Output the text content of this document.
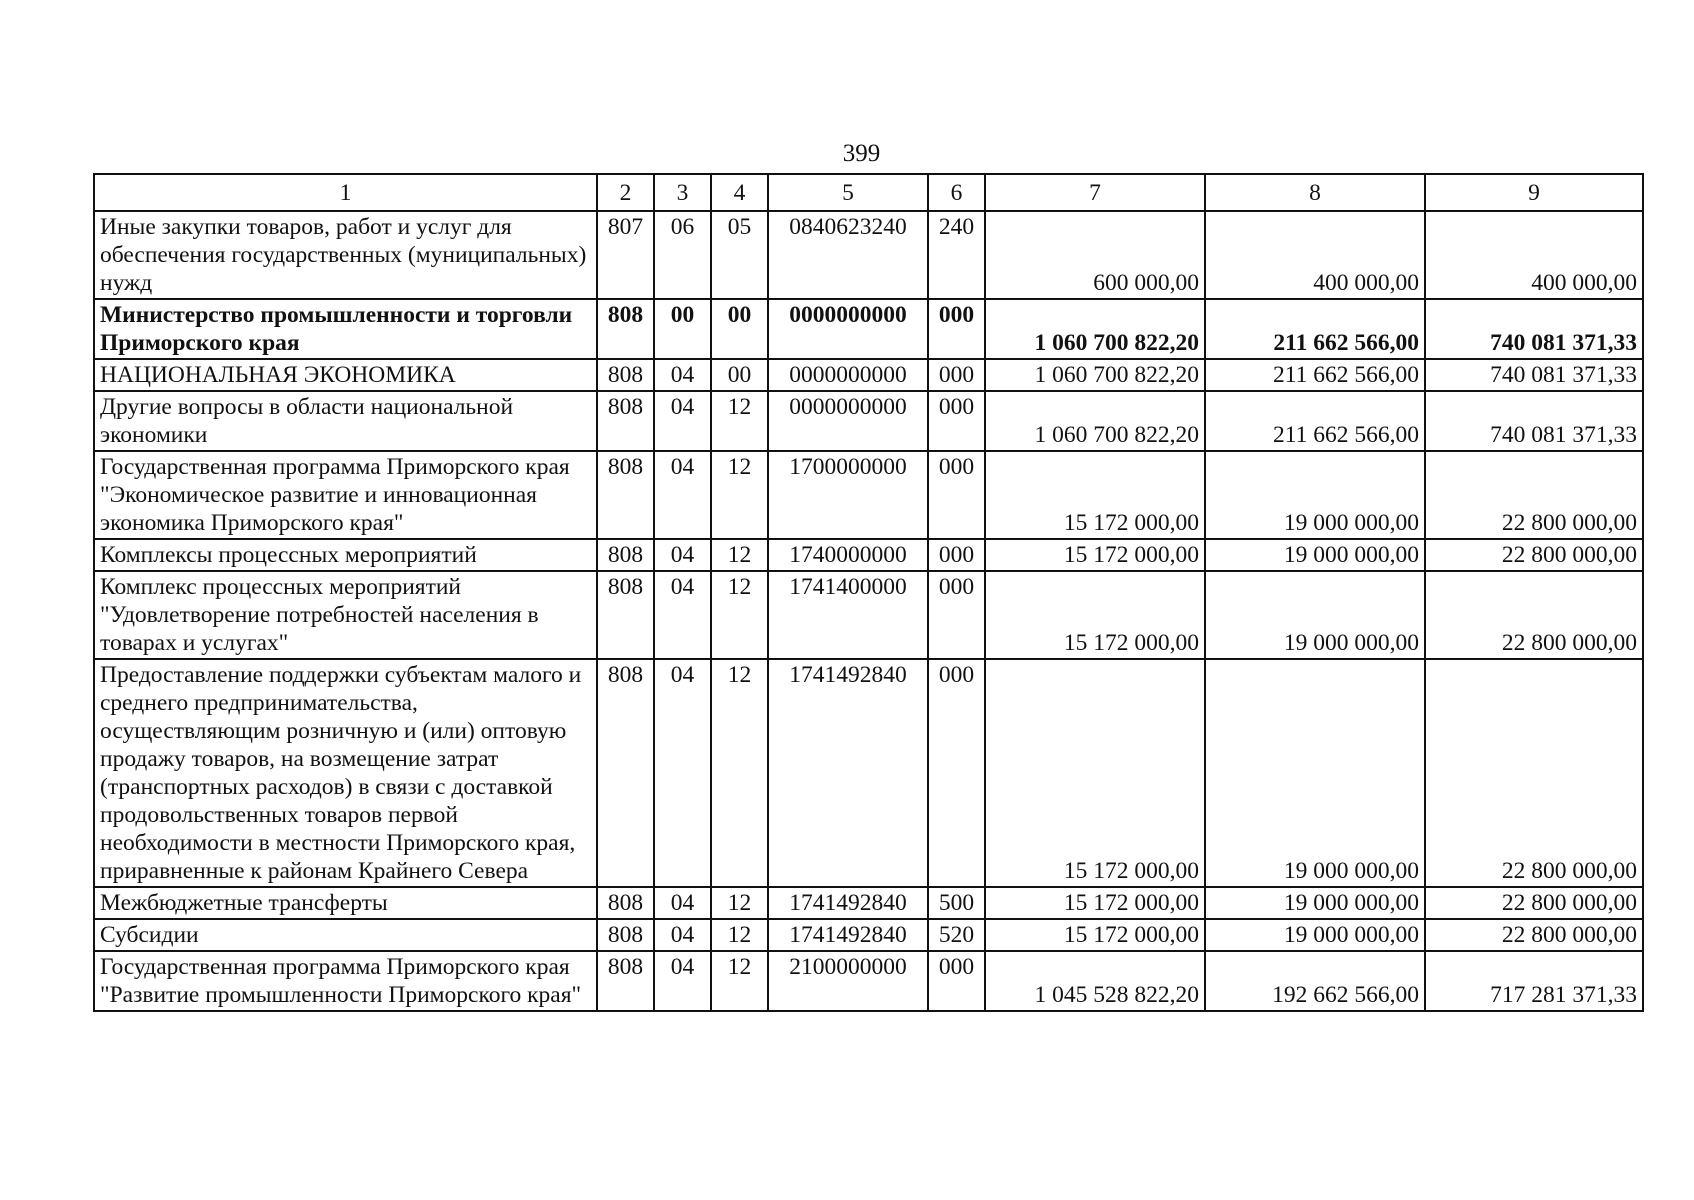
399
1	2	3	4	5	6	7	8	9
Иные закупки товаров, работ и услуг для обеспечения государственных (муниципальных) нужд	807	06	05	0840623240	240	600 000,00	400 000,00	400 000,00
Министерство промышленности и торговли Приморского края	808	00	00	0000000000	000	1 060 700 822,20	211 662 566,00	740 081 371,33
НАЦИОНАЛЬНАЯ ЭКОНОМИКА	808	04	00	0000000000	000	1 060 700 822,20	211 662 566,00	740 081 371,33
Другие вопросы в области национальной экономики	808	04	12	0000000000	000	1 060 700 822,20	211 662 566,00	740 081 371,33
Государственная программа Приморского края "Экономическое развитие и инновационная экономика Приморского края"	808	04	12	1700000000	000	15 172 000,00	19 000 000,00	22 800 000,00
Комплексы процессных мероприятий	808	04	12	1740000000	000	15 172 000,00	19 000 000,00	22 800 000,00
Комплекс процессных мероприятий "Удовлетворение потребностей населения в товарах и услугах"	808	04	12	1741400000	000	15 172 000,00	19 000 000,00	22 800 000,00
Предоставление поддержки субъектам малого и среднего предпринимательства, осуществляющим розничную и (или) оптовую продажу товаров, на возмещение затрат (транспортных расходов) в связи с доставкой продовольственных товаров первой необходимости в местности Приморского края, приравненные к районам Крайнего Севера	808	04	12	1741492840	000	15 172 000,00	19 000 000,00	22 800 000,00
Межбюджетные трансферты	808	04	12	1741492840	500	15 172 000,00	19 000 000,00	22 800 000,00
Субсидии	808	04	12	1741492840	520	15 172 000,00	19 000 000,00	22 800 000,00
Государственная программа Приморского края "Развитие промышленности Приморского края"	808	04	12	2100000000	000	1 045 528 822,20	192 662 566,00	717 281 371,33
